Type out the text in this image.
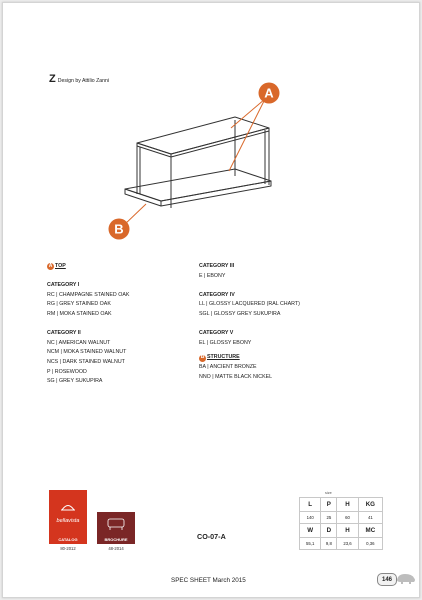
Z Design by Attilio Zanni
A
B
A TOP
CATEGORY I
RC | CHAMPAGNE STAINED OAK
RG | GREY STAINED OAK
RM | MOKA STAINED OAK
CATEGORY II
NC | AMERICAN WALNUT
NCM | MOKA STAINED WALNUT
NCS | DARK STAINED WALNUT
P | ROSEWOOD
SG | GREY SUKUPIRA
CATEGORY III
E | EBONY
CATEGORY IV
LL | GLOSSY LACQUERED (RAL CHART)
SGL | GLOSSY GREY SUKUPIRA
CATEGORY V
EL | GLOSSY EBONY
B STRUCTURE
BA | ANCIENT BRONZE
NNO | MATTE BLACK NICKEL
bellavista
CATALOG
80-2012
BROCHURE
48-2014
CO-07-A
size
L	P	H	KG
140	25	60	41
W	D	H	MC
55,1	9,8	23,6	0,36
SPEC SHEET March 2015	146
